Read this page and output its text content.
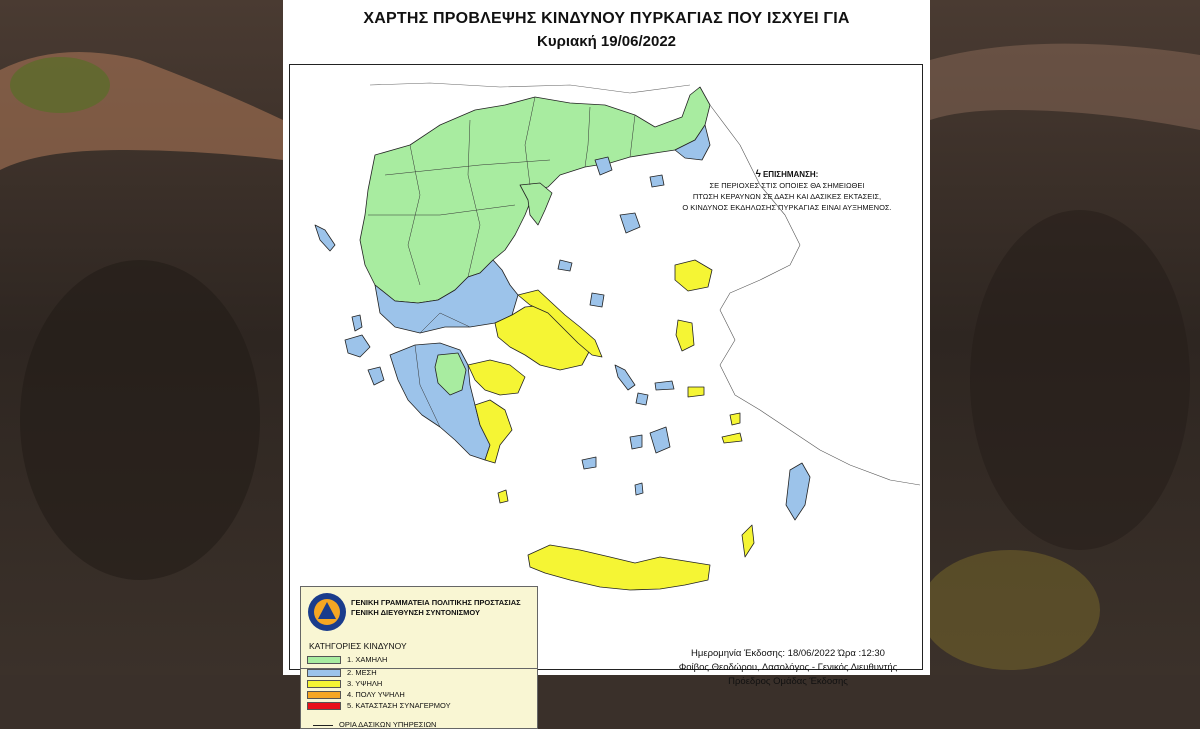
ΧΑΡΤΗΣ ΠΡΟΒΛΕΨΗΣ ΚΙΝΔΥΝΟΥ ΠΥΡΚΑΓΙΑΣ ΠΟΥ ΙΣΧΥΕΙ ΓΙΑ
Κυριακή 19/06/2022
ϟ ΕΠΙΣΗΜΑΝΣΗ:
ΣΕ ΠΕΡΙΟΧΕΣ ΣΤΙΣ ΟΠΟΙΕΣ ΘΑ ΣΗΜΕΙΩΘΕΙ
ΠΤΩΣΗ ΚΕΡΑΥΝΩΝ ΣΕ ΔΑΣΗ ΚΑΙ ΔΑΣΙΚΕΣ ΕΚΤΑΣΕΙΣ,
Ο ΚΙΝΔΥΝΟΣ ΕΚΔΗΛΩΣΗΣ ΠΥΡΚΑΓΙΑΣ ΕΙΝΑΙ ΑΥΞΗΜΕΝΟΣ.
ΓΕΝΙΚΗ ΓΡΑΜΜΑΤΕΙΑ ΠΟΛΙΤΙΚΗΣ ΠΡΟΣΤΑΣΙΑΣ
ΓΕΝΙΚΗ ΔΙΕΥΘΥΝΣΗ ΣΥΝΤΟΝΙΣΜΟΥ
ΚΑΤΗΓΟΡΙΕΣ ΚΙΝΔΥΝΟΥ
1. ΧΑΜΗΛΗ
2. ΜΕΣΗ
3. ΥΨΗΛΗ
4. ΠΟΛΥ ΥΨΗΛΗ
5. ΚΑΤΑΣΤΑΣΗ ΣΥΝΑΓΕΡΜΟΥ
ΟΡΙΑ ΔΑΣΙΚΩΝ ΥΠΗΡΕΣΙΩΝ
Ημερομηνία Έκδοσης: 18/06/2022 Ώρα :12:30
Φοίβος Θεοδώρου, Δασολόγος - Γενικός Διευθυντής
Πρόεδρος Ομάδας Έκδοσης
